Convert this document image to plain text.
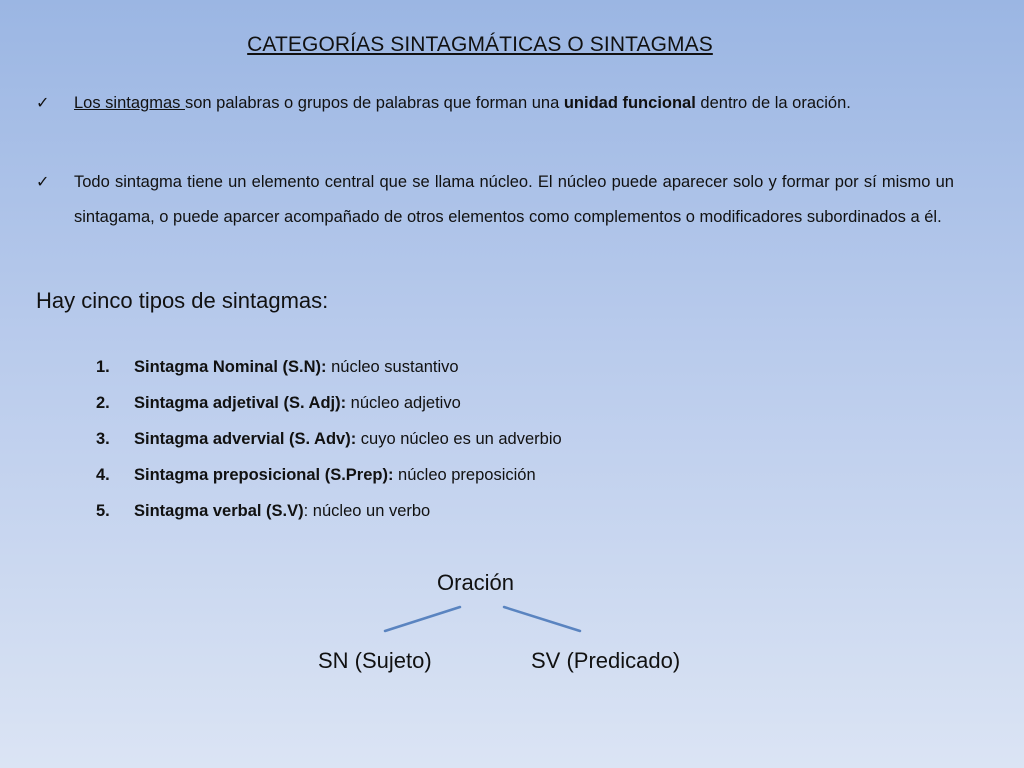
CATEGORÍAS SINTAGMÁTICAS O SINTAGMAS
✓	Los sintagmas son palabras o grupos de palabras que forman una unidad funcional dentro de la oración.
✓	Todo sintagma tiene un elemento central que se llama núcleo. El núcleo puede aparecer solo y formar por sí mismo un sintagama, o puede aparcer acompañado de otros elementos como complementos o modificadores subordinados a él.
Hay cinco tipos de sintagmas:
1. Sintagma Nominal (S.N): núcleo sustantivo
2. Sintagma adjetival (S. Adj): núcleo adjetivo
3. Sintagma advervial (S. Adv): cuyo núcleo es un adverbio
4. Sintagma preposicional (S.Prep): núcleo preposición
5. Sintagma verbal (S.V): núcleo un verbo
Oración
SN (Sujeto)	SV (Predicado)
